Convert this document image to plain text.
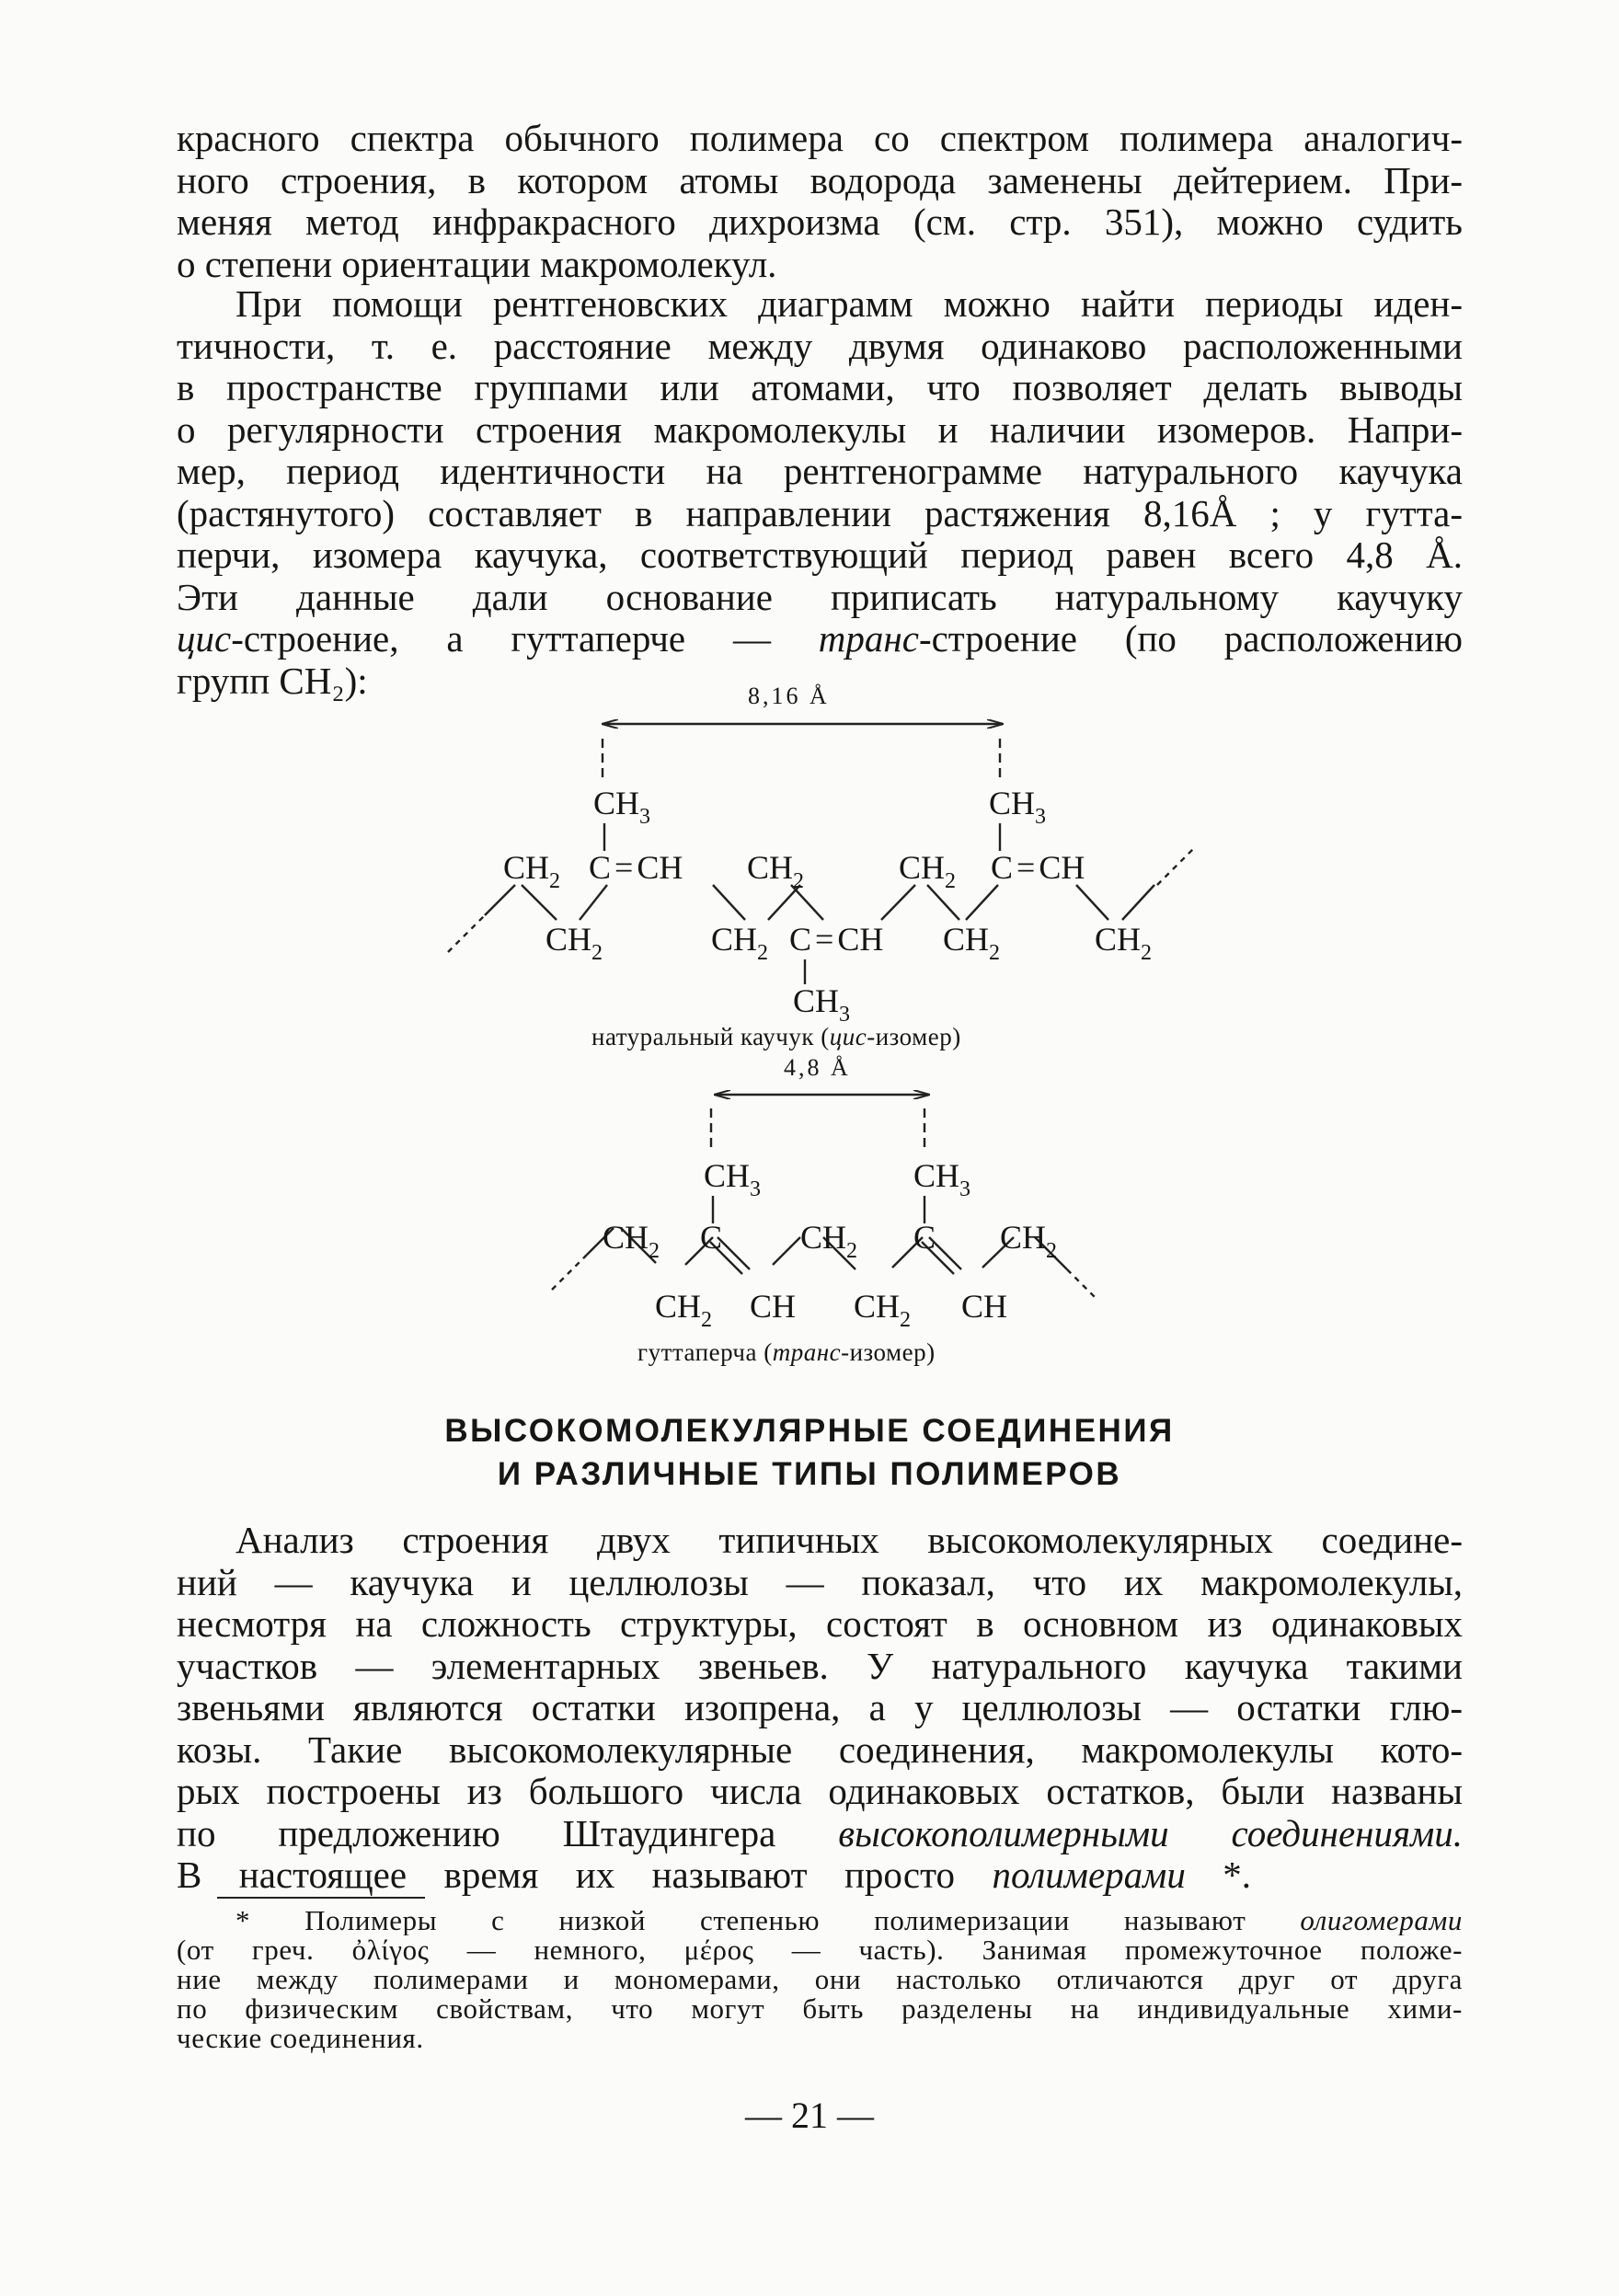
красного спектра обычного полимера со спектром полимера аналогич-
ного строения, в котором атомы водорода заменены дейтерием. При-
меняя метод инфракрасного дихроизма (см. стр. 351), можно судить
о степени ориентации макромолекул.
При помощи рентгеновских диаграмм можно найти периоды иден-
тичности, т. е. расстояние между двумя одинаково расположенными
в пространстве группами или атомами, что позволяет делать выводы
о регулярности строения макромолекулы и наличии изомеров. Напри-
мер, период идентичности на рентгенограмме натурального каучука
(растянутого) составляет в направлении растяжения 8,16Å ; у гутта-
перчи, изомера каучука, соответствующий период равен всего 4,8 Å.
Эти данные дали основание приписать натуральному каучуку
цис-строение, а гуттаперче — транс-строение (по расположению
групп CH₂):
$CH_3$	$CH_3$
$CH_2$ C = CH $CH_2$	$CH_2$ C = CH
$CH_2$	$CH_2$ C = CH $CH_2$	$CH_2$
$CH_3$
$CH_3$	$CH_3$
$CH_2$ C $CH_2$ C $CH_2$
$CH_2$ CH $CH_2$ CH
8,16 Å
натуральный каучук (цис-изомер)
4,8 Å
гуттаперча (транс-изомер)
ВЫСОКОМОЛЕКУЛЯРНЫЕ СОЕДИНЕНИЯ
И РАЗЛИЧНЫЕ ТИПЫ ПОЛИМЕРОВ
Анализ строения двух типичных высокомолекулярных соедине-
ний — каучука и целлюлозы — показал, что их макромолекулы,
несмотря на сложность структуры, состоят в основном из одинаковых
участков — элементарных звеньев. У натурального каучука такими
звеньями являются остатки изопрена, а у целлюлозы — остатки глю-
козы. Такие высокомолекулярные соединения, макромолекулы кото-
рых построены из большого числа одинаковых остатков, были названы
по предложению Штаудингера высокополимерными соединениями.
В настоящее время их называют просто полимерами *.
* Полимеры с низкой степенью полимеризации называют олигомерами
(от греч. ὀλίγος — немного, μέρος — часть). Занимая промежуточное положе-
ние между полимерами и мономерами, они настолько отличаются друг от друга
по физическим свойствам, что могут быть разделены на индивидуальные хими-
ческие соединения.
— 21 —
